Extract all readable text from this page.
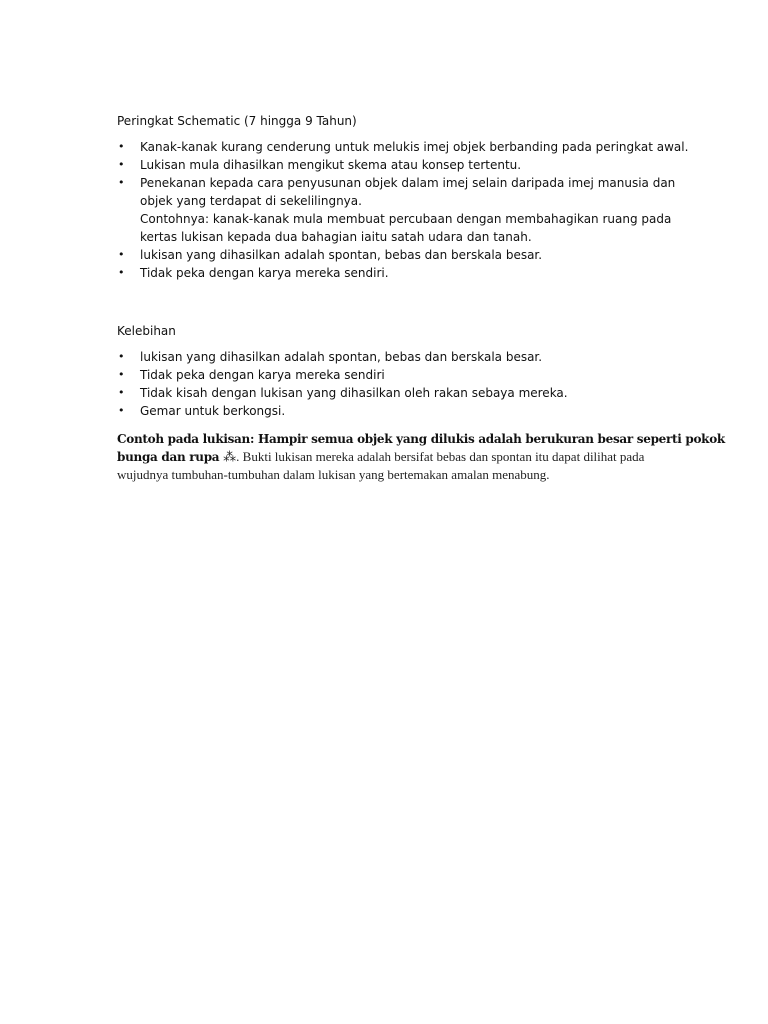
Peringkat Schematic (7 hingga 9 Tahun)
• Kanak-kanak kurang cenderung untuk melukis imej objek berbanding pada peringkat awal.
• Lukisan mula dihasilkan mengikut skema atau konsep tertentu.
• Penekanan kepada cara penyusunan objek dalam imej selain daripada imej manusia dan
objek yang terdapat di sekelilingnya.
Contohnya: kanak-kanak mula membuat percubaan dengan membahagikan ruang pada
kertas lukisan kepada dua bahagian iaitu satah udara dan tanah.
• lukisan yang dihasilkan adalah spontan, bebas dan berskala besar.
• Tidak peka dengan karya mereka sendiri.
Kelebihan
• lukisan yang dihasilkan adalah spontan, bebas dan berskala besar.
• Tidak peka dengan karya mereka sendiri
• Tidak kisah dengan lukisan yang dihasilkan oleh rakan sebaya mereka.
• Gemar untuk berkongsi.
Contoh pada lukisan: Hampir semua objek yang dilukis adalah berukuran besar seperti pokok
bunga dan rupa ⁂. Bukti lukisan mereka adalah bersifat bebas dan spontan itu dapat dilihat pada
wujudnya tumbuhan-tumbuhan dalam lukisan yang bertemakan amalan menabung.
